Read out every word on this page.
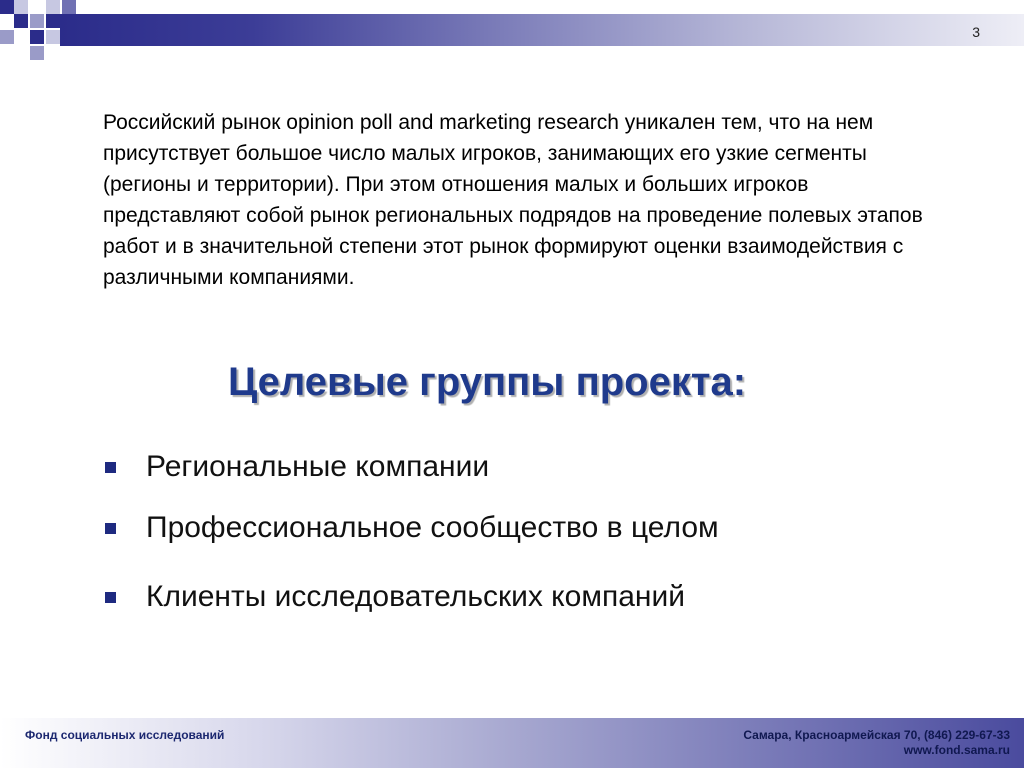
3
Российский рынок opinion poll and marketing research уникален тем, что на нем присутствует большое число малых игроков, занимающих его узкие сегменты (регионы и территории). При этом отношения малых и больших игроков представляют собой рынок региональных подрядов на проведение полевых этапов работ и в значительной степени этот рынок формируют оценки взаимодействия с различными компаниями.
Целевые группы проекта:
Региональные компании
Профессиональное сообщество в целом
Клиенты исследовательских компаний
Фонд социальных исследований	Самара, Красноармейская 70, (846) 229-67-33
www.fond.sama.ru
